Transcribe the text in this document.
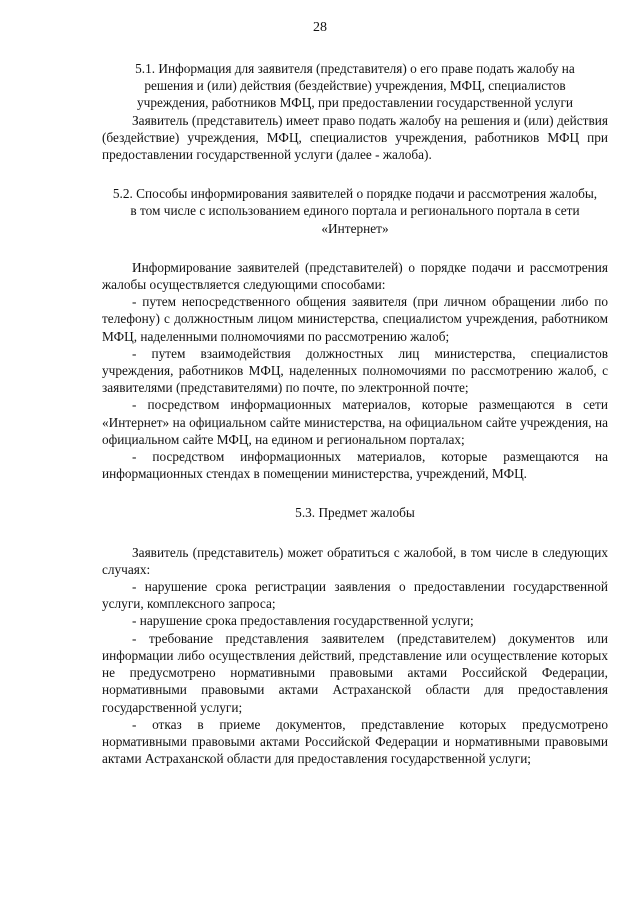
28

5.1. Информация для заявителя (представителя) о его праве подать жалобу на решения и (или) действия (бездействие) учреждения, МФЦ, специалистов учреждения, работников МФЦ, при предоставлении государственной услуги

Заявитель (представитель) имеет право подать жалобу на решения и (или) действия (бездействие) учреждения, МФЦ, специалистов учреждения, работников МФЦ при предоставлении государственной услуги (далее - жалоба).

5.2. Способы информирования заявителей о порядке подачи и рассмотрения жалобы, в том числе с использованием единого портала и регионального портала в сети «Интернет»

Информирование заявителей (представителей) о порядке подачи и рассмотрения жалобы осуществляется следующими способами:

- путем непосредственного общения заявителя (при личном обращении либо по телефону) с должностным лицом министерства, специалистом учреждения, работником МФЦ, наделенными полномочиями по рассмотрению жалоб;

- путем взаимодействия должностных лиц министерства, специалистов учреждения, работников МФЦ, наделенных полномочиями по рассмотрению жалоб, с заявителями (представителями) по почте, по электронной почте;

- посредством информационных материалов, которые размещаются в сети «Интернет» на официальном сайте министерства, на официальном сайте учреждения, на официальном сайте МФЦ, на едином и региональном порталах;

- посредством информационных материалов, которые размещаются на информационных стендах в помещении министерства, учреждений, МФЦ.

5.3. Предмет жалобы

Заявитель (представитель) может обратиться с жалобой, в том числе в следующих случаях:

- нарушение срока регистрации заявления о предоставлении государственной услуги, комплексного запроса;

- нарушение срока предоставления государственной услуги;

- требование представления заявителем (представителем) документов или информации либо осуществления действий, представление или осуществление которых не предусмотрено нормативными правовыми актами Российской Федерации, нормативными правовыми актами Астраханской области для предоставления государственной услуги;

- отказ в приеме документов, представление которых предусмотрено нормативными правовыми актами Российской Федерации и нормативными правовыми актами Астраханской области для предоставления государственной услуги;
